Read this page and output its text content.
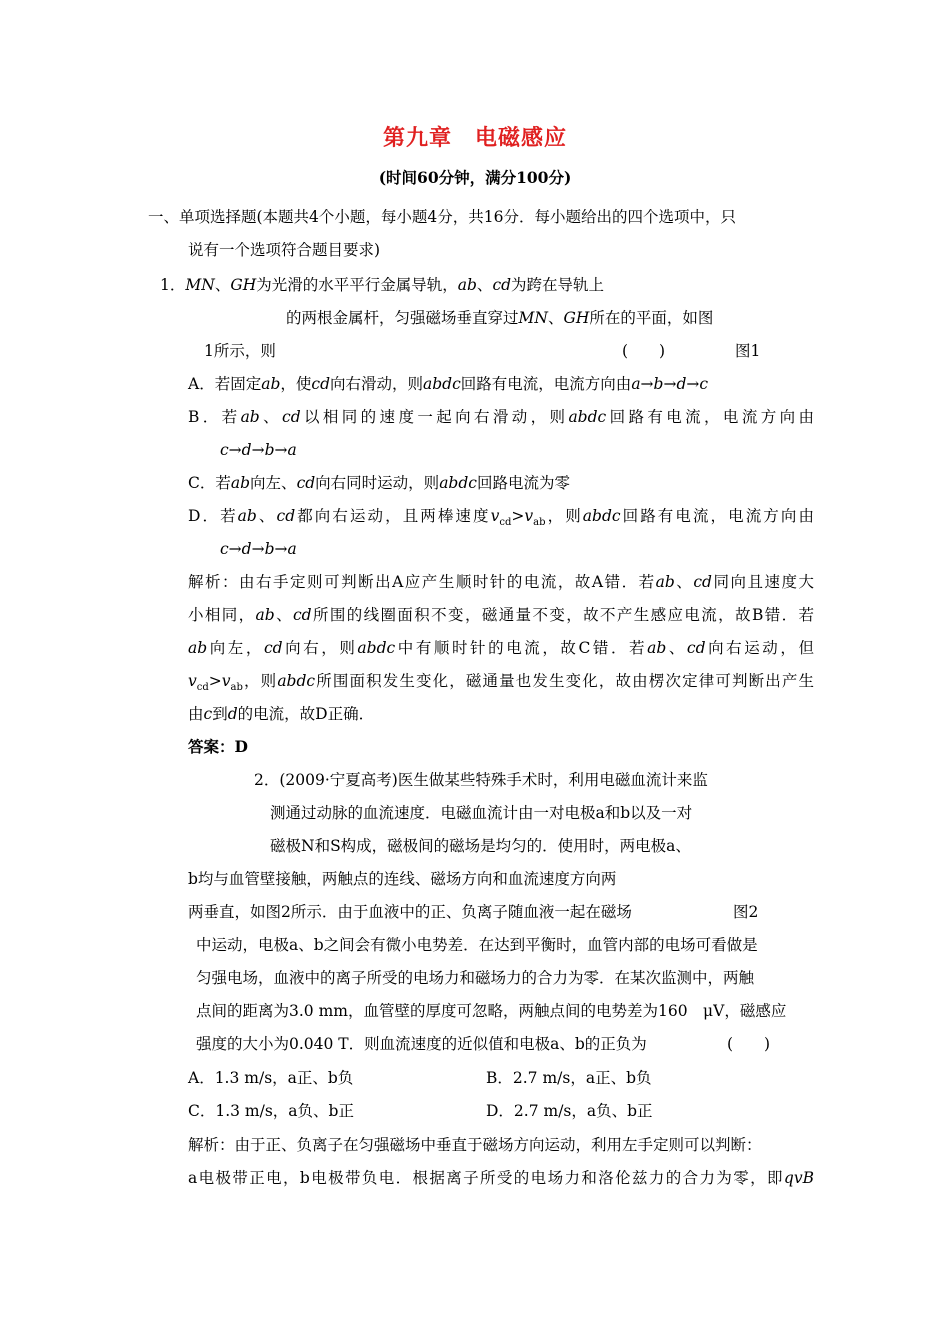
第九章　电磁感应
(时间60分钟，满分100分)
一、单项选择题(本题共4个小题，每小题4分，共16分．每小题给出的四个选项中，只
说有一个选项符合题目要求)
1．MN、GH为光滑的水平平行金属导轨，ab、cd为跨在导轨上
的两根金属杆，匀强磁场垂直穿过MN、GH所在的平面，如图
1所示，则	(　　)	图1
A．若固定ab，使cd向右滑动，则abdc回路有电流，电流方向由a→b→d→c
B．若ab、cd以相同的速度一起向右滑动，则abdc回路有电流，电流方向由
c→d→b→a
C．若ab向左、cd向右同时运动，则abdc回路电流为零
D．若ab、cd都向右运动，且两棒速度$v_{cd}>v_{ab}$，则abdc回路有电流，电流方向由
c→d→b→a
解析：由右手定则可判断出A应产生顺时针的电流，故A错．若ab、cd同向且速度大
小相同，ab、cd所围的线圈面积不变，磁通量不变，故不产生感应电流，故B错．若
ab向左，cd向右，则abdc中有顺时针的电流，故C错．若ab、cd向右运动，但
$v_{cd}>v_{ab}$，则abdc所围面积发生变化，磁通量也发生变化，故由楞次定律可判断出产生
由c到d的电流，故D正确．
答案：D
2．(2009·宁夏高考)医生做某些特殊手术时，利用电磁血流计来监
测通过动脉的血流速度．电磁血流计由一对电极a和b以及一对
磁极N和S构成，磁极间的磁场是均匀的．使用时，两电极a、
b均与血管壁接触，两触点的连线、磁场方向和血流速度方向两
两垂直，如图2所示．由于血液中的正、负离子随血液一起在磁场	图2
中运动，电极a、b之间会有微小电势差．在达到平衡时，血管内部的电场可看做是
匀强电场，血液中的离子所受的电场力和磁场力的合力为零．在某次监测中，两触
点间的距离为3.0 mm，血管壁的厚度可忽略，两触点间的电势差为160　μV，磁感应
强度的大小为0.040 T．则血流速度的近似值和电极a、b的正负为	(　　)
A．1.3 m/s，a正、b负	B．2.7 m/s，a正、b负
C．1.3 m/s，a负、b正	D．2.7 m/s，a负、b正
解析：由于正、负离子在匀强磁场中垂直于磁场方向运动，利用左手定则可以判断：
a电极带正电，b电极带负电．根据离子所受的电场力和洛伦兹力的合力为零，即qvB
